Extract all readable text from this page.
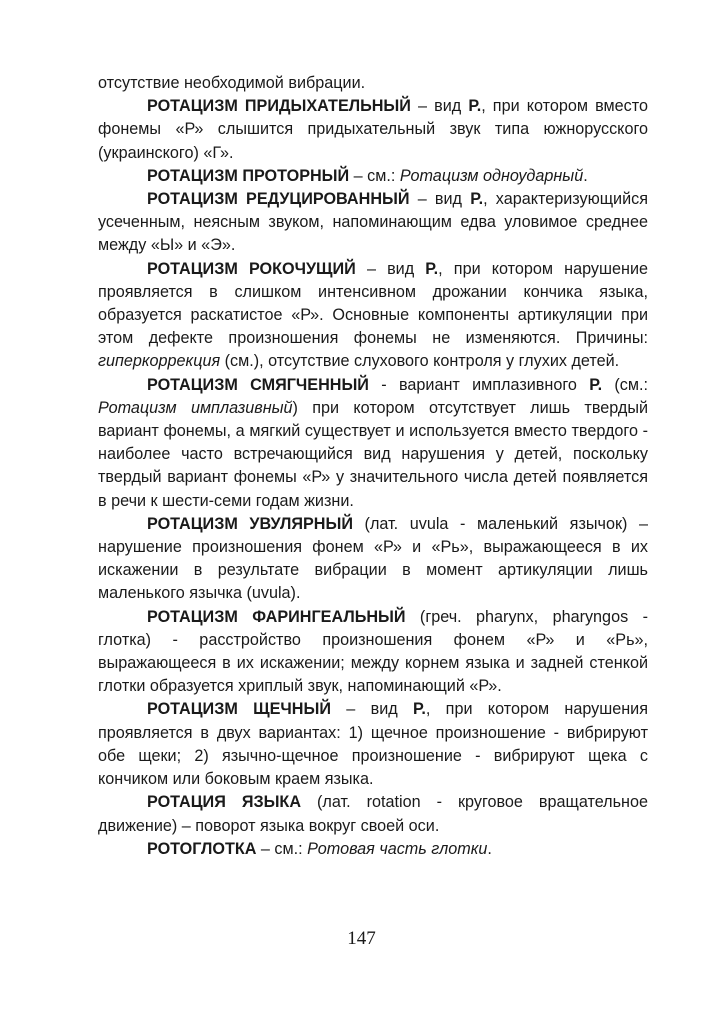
отсутствие необходимой вибрации.

РОТАЦИЗМ ПРИДЫХАТЕЛЬНЫЙ – вид Р., при котором вместо фонемы «Р» слышится придыхательный звук типа южнорусского (украинского) «Г».

РОТАЦИЗМ ПРОТОРНЫЙ – см.: Ротацизм одноударный.

РОТАЦИЗМ РЕДУЦИРОВАННЫЙ – вид Р., характеризующийся усеченным, неясным звуком, напоминающим едва уловимое среднее между «Ы» и «Э».

РОТАЦИЗМ РОКОЧУЩИЙ – вид Р., при котором нарушение проявляется в слишком интенсивном дрожании кончика языка, образуется раскатистое «Р». Основные компоненты артикуляции при этом дефекте произношения фонемы не изменяются. Причины: гиперкоррекция (см.), отсутствие слухового контроля у глухих детей.

РОТАЦИЗМ СМЯГЧЕННЫЙ - вариант имплазивного Р. (см.: Ротацизм имплазивный) при котором отсутствует лишь твердый вариант фонемы, а мягкий существует и используется вместо твердого - наиболее часто встречающийся вид нарушения у детей, поскольку твердый вариант фонемы «Р» у значительного числа детей появляется в речи к шести-семи годам жизни.

РОТАЦИЗМ УВУЛЯРНЫЙ (лат. uvula - маленький язычок) – нарушение произношения фонем «Р» и «Рь», выражающееся в их искажении в результате вибрации в момент артикуляции лишь маленького язычка (uvula).

РОТАЦИЗМ ФАРИНГЕАЛЬНЫЙ (греч. pharynx, pharyngos - глотка) - расстройство произношения фонем «Р» и «Рь», выражающееся в их искажении; между корнем языка и задней стенкой глотки образуется хриплый звук, напоминающий «Р».

РОТАЦИЗМ ЩЕЧНЫЙ – вид Р., при котором нарушения проявляется в двух вариантах: 1) щечное произношение - вибрируют обе щеки; 2) язычно-щечное произношение - вибрируют щека с кончиком или боковым краем языка.

РОТАЦИЯ ЯЗЫКА (лат. rotation - круговое вращательное движение) – поворот языка вокруг своей оси.

РОТОГЛОТКА – см.: Ротовая часть глотки.

147
